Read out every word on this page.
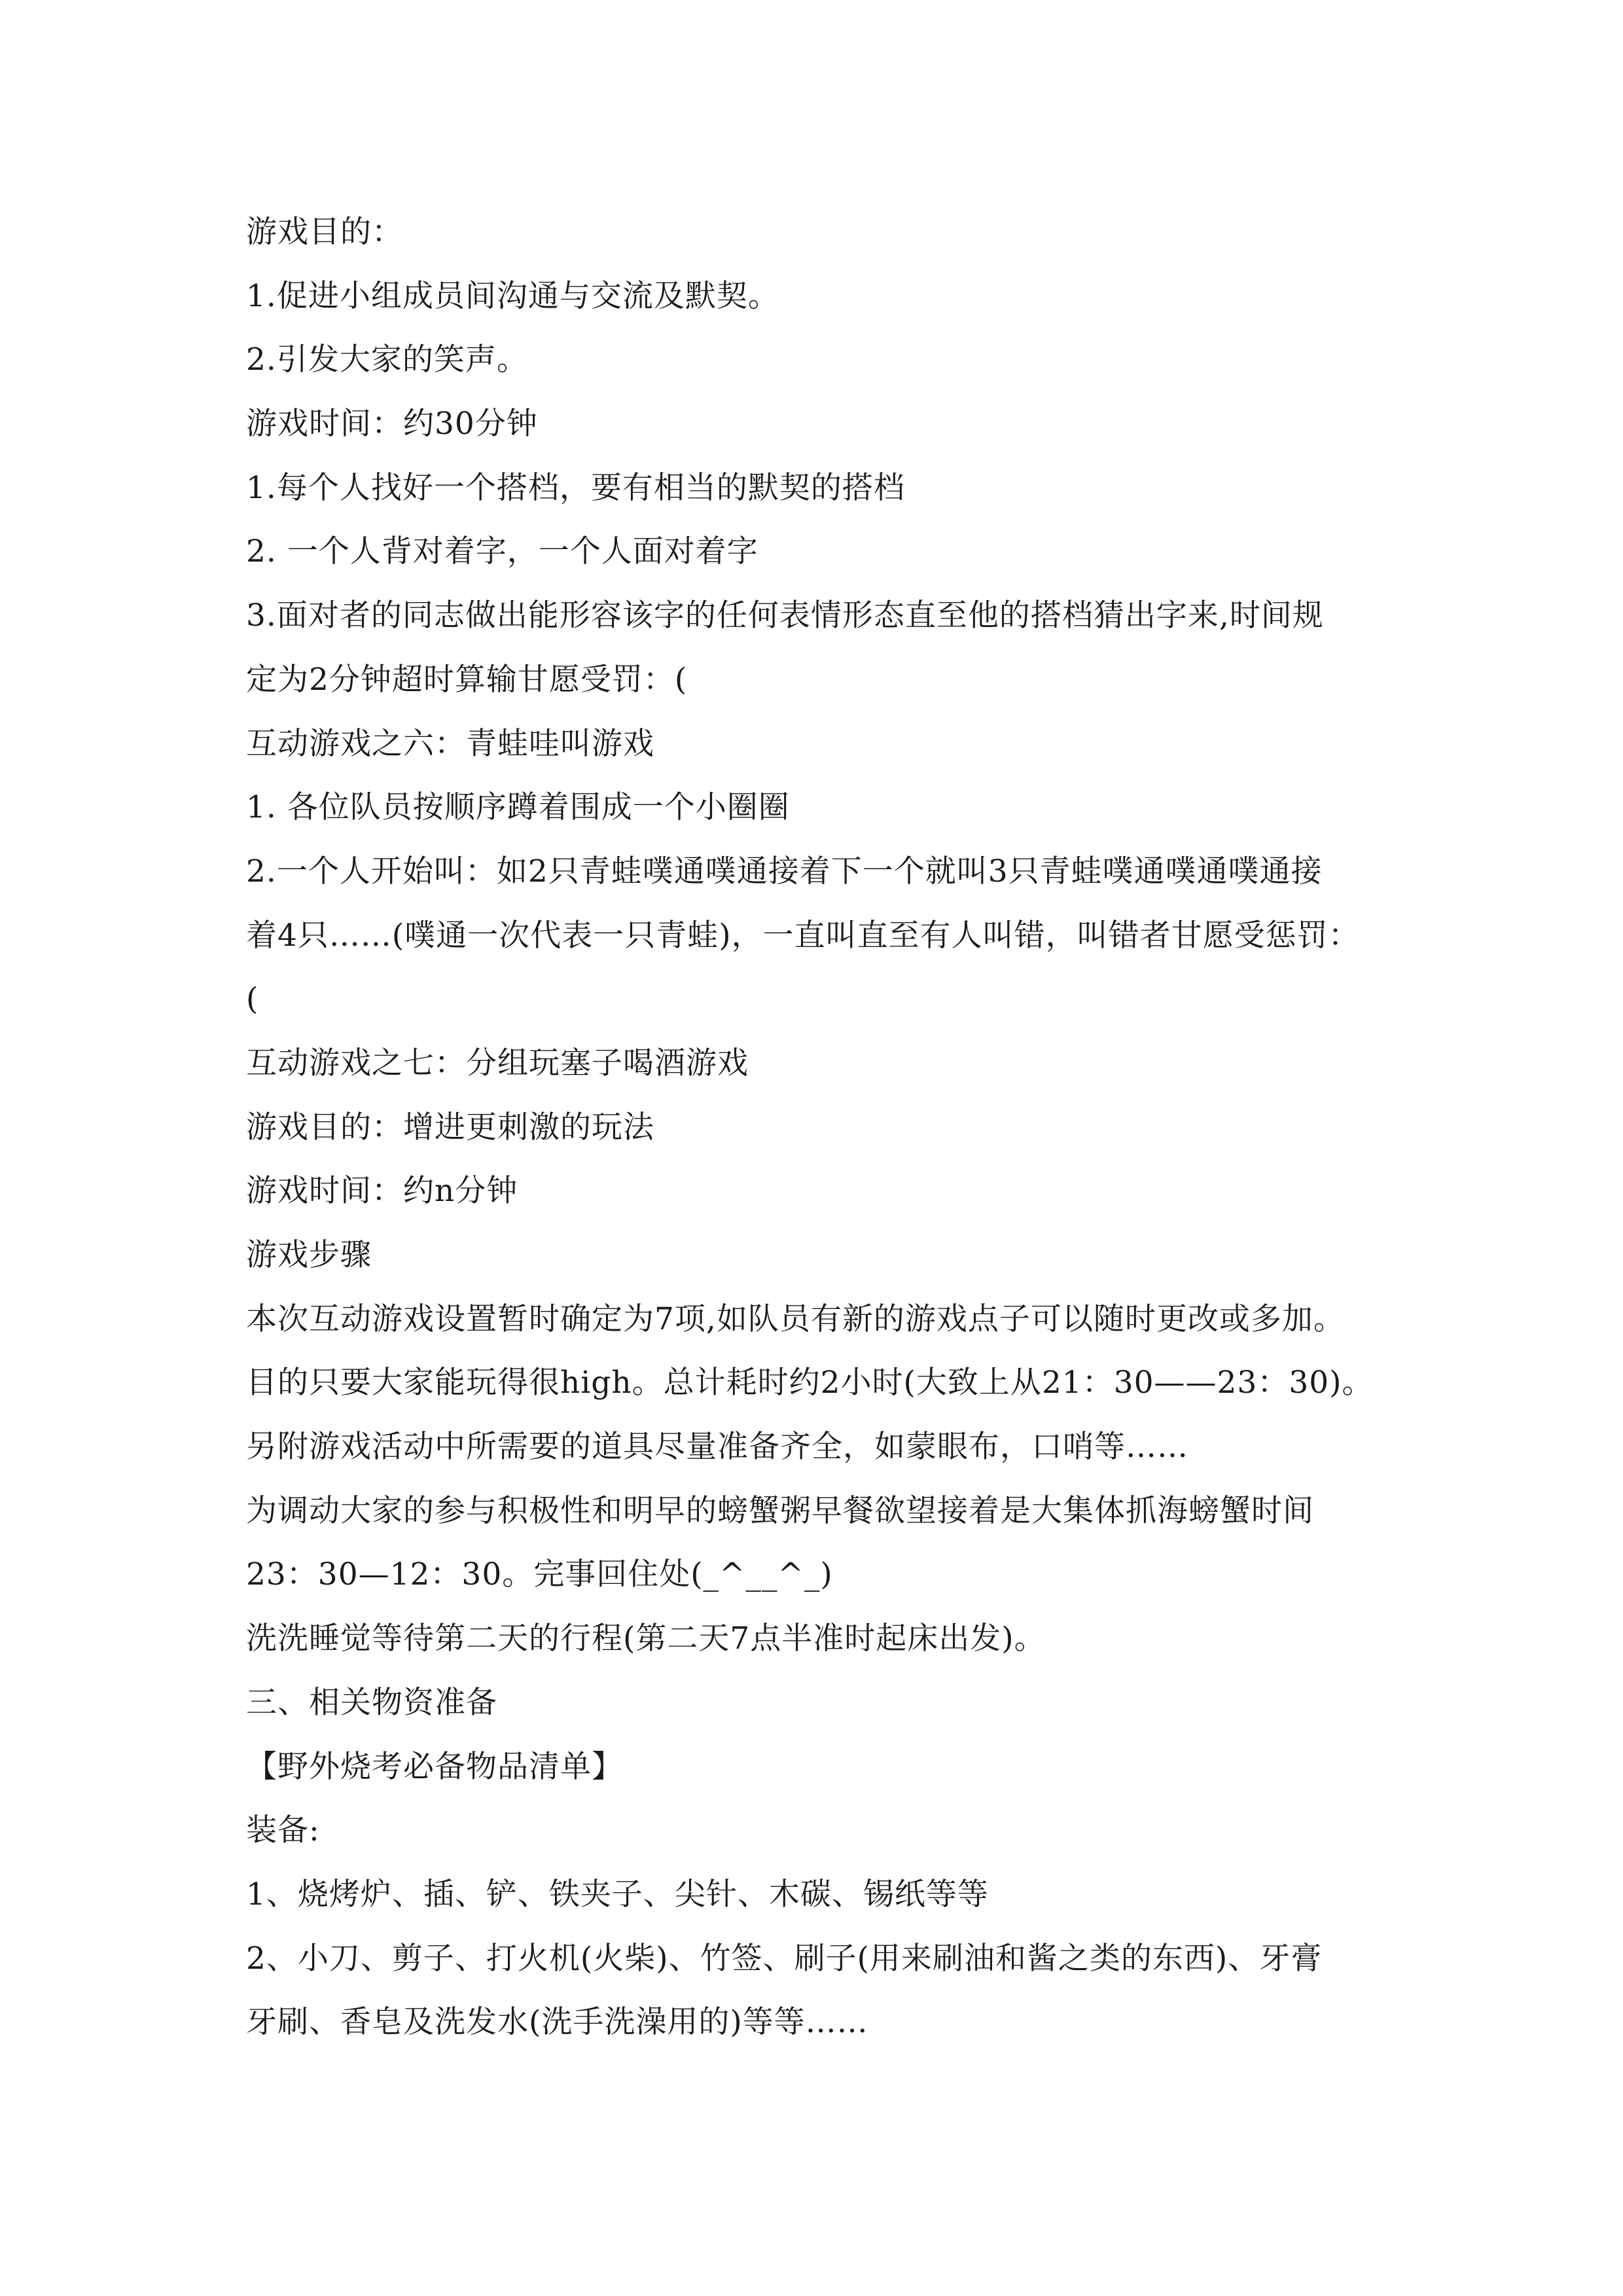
游戏目的：
1.促进小组成员间沟通与交流及默契。
2.引发大家的笑声。
游戏时间：约30分钟
1.每个人找好一个搭档，要有相当的默契的搭档
2. 一个人背对着字，一个人面对着字
3.面对者的同志做出能形容该字的任何表情形态直至他的搭档猜出字来,时间规
定为2分钟超时算输甘愿受罚：(
互动游戏之六：青蛙哇叫游戏
1. 各位队员按顺序蹲着围成一个小圈圈
2.一个人开始叫：如2只青蛙噗通噗通接着下一个就叫3只青蛙噗通噗通噗通接
着4只……(噗通一次代表一只青蛙)，一直叫直至有人叫错，叫错者甘愿受惩罚：
(
互动游戏之七：分组玩塞子喝酒游戏
游戏目的：增进更刺激的玩法
游戏时间：约n分钟
游戏步骤
本次互动游戏设置暂时确定为7项,如队员有新的游戏点子可以随时更改或多加。
目的只要大家能玩得很high。总计耗时约2小时(大致上从21：30——23：30)。
另附游戏活动中所需要的道具尽量准备齐全，如蒙眼布，口哨等……
为调动大家的参与积极性和明早的螃蟹粥早餐欲望接着是大集体抓海螃蟹时间
23：30—12：30。完事回住处(_^__^_)
洗洗睡觉等待第二天的行程(第二天7点半准时起床出发)。
三、相关物资准备
【野外烧考必备物品清单】
装备:
1、烧烤炉、插、铲、铁夹子、尖针、木碳、锡纸等等
2、小刀、剪子、打火机(火柴)、竹签、刷子(用来刷油和酱之类的东西)、牙膏
牙刷、香皂及洗发水(洗手洗澡用的)等等……
